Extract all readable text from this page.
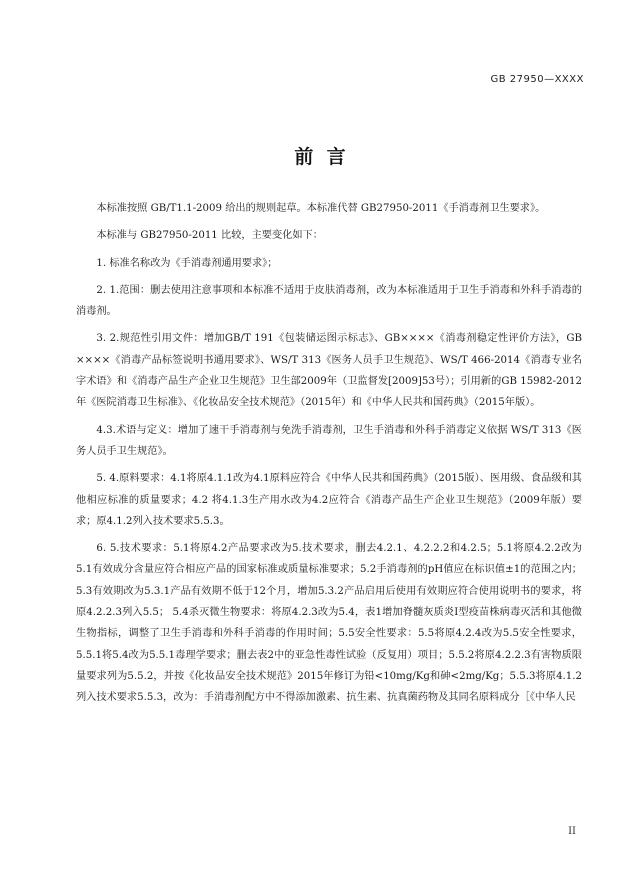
GB 27950—XXXX
前  言

本标准按照 GB/T1.1-2009 给出的规则起草。本标准代替 GB27950-2011《手消毒剂卫生要求》。

本标准与 GB27950-2011 比较，主要变化如下：

1. 标准名称改为《手消毒剂通用要求》；

2. 1.范围：删去使用注意事项和本标准不适用于皮肤消毒剂，改为本标准适用于卫生手消毒和外科手消毒的消毒剂。

3. 2.规范性引用文件：增加GB/T 191《包装储运图示标志》、GB××××《消毒剂稳定性评价方法》，GB ××××《消毒产品标签说明书通用要求》、WS/T 313《医务人员手卫生规范》、WS/T 466-2014《消毒专业名字术语》和《消毒产品生产企业卫生规范》卫生部2009年（卫监督发[2009]53号）；引用新的GB 15982-2012年《医院消毒卫生标准》、《化妆品安全技术规范》（2015年）和《中华人民共和国药典》（2015年版）。

4.3.术语与定义：增加了速干手消毒剂与免洗手消毒剂，卫生手消毒和外科手消毒定义依据 WS/T 313《医务人员手卫生规范》。

5. 4.原料要求：4.1将原4.1.1改为4.1原料应符合《中华人民共和国药典》（2015版）、医用级、食品级和其他相应标准的质量要求；4.2 将4.1.3生产用水改为4.2应符合《消毒产品生产企业卫生规范》（2009年版）要求；原4.1.2列入技术要求5.5.3。

6. 5.技术要求：5.1将原4.2产品要求改为5.技术要求，删去4.2.1、4.2.2.2和4.2.5；5.1将原4.2.2改为5.1有效成分含量应符合相应产品的国家标准或质量标准要求；5.2手消毒剂的pH值应在标识值±1的范围之内；5.3有效期改为5.3.1产品有效期不低于12个月，增加5.3.2产品启用后使用有效期应符合使用说明书的要求，将原4.2.2.3列入5.5； 5.4杀灭微生物要求：将原4.2.3改为5.4，表1增加脊髓灰质炎Ⅰ型疫苗株病毒灭活和其他微生物指标，调整了卫生手消毒和外科手消毒的作用时间；5.5安全性要求：5.5将原4.2.4改为5.5安全性要求，5.5.1将5.4改为5.5.1毒理学要求；删去表2中的亚急性毒性试验（反复用）项目；5.5.2将原4.2.2.3有害物质限量要求列为5.5.2，并按《化妆品安全技术规范》2015年修订为铅<10mg/Kg和砷<2mg/Kg；5.5.3将原4.1.2列入技术要求5.5.3，改为：手消毒剂配方中不得添加激素、抗生素、抗真菌药物及其同名原料成分［《中华人民

II
